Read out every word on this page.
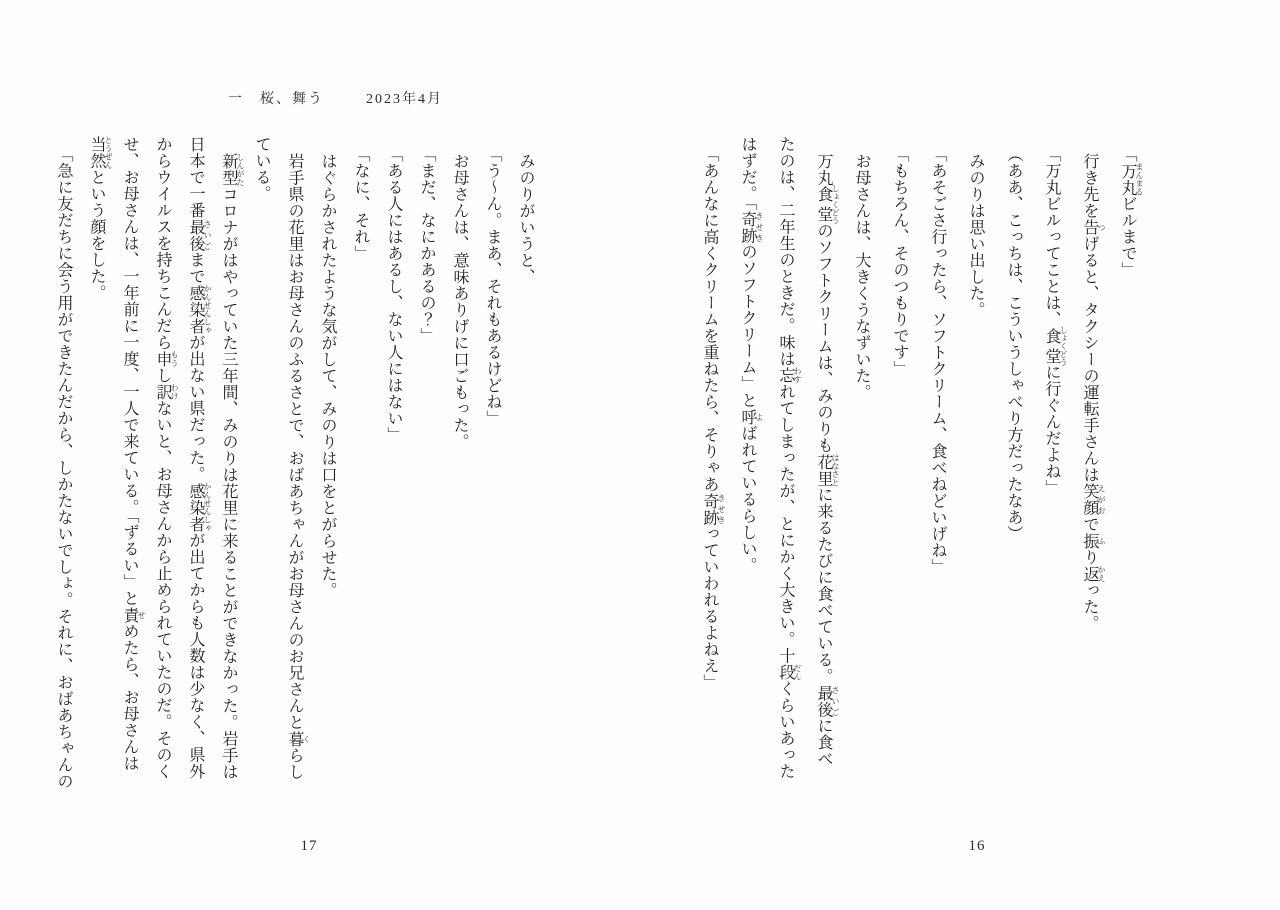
一 桜、舞う	2023年4月

「万丸 まんまるビルまで」

行き先を告 つげると、タクシーの運転手さんは笑顔 えがおで振 ふり返 かえった。

「万丸ビルってことは、食堂 しょくどうに行ぐんだよね」

（ああ、こっちは、こういうしゃべり方だったなあ）

みのりは思い出した。

「あそごさ行ったら、ソフトクリーム、食べねどいげね」

「もちろん、そのつもりです」

お母さんは、大きくうなずいた。

万丸食堂 しょくどうのソフトクリームは、みのりも花里 はなさとに来るたびに食べている。最後 さいごに食べ

たのは、二年生のときだ。味は忘 わすれてしまったが、とにかく大きい。十段 だんくらいあった

はずだ。「奇跡 きせきのソフトクリーム」と呼 よばれているらしい。

「あんなに高くクリームを重ねたら、そりゃあ奇跡 きせきっていわれるよねえ」

みのりがいうと、

「う〜ん。まあ、それもあるけどね」

お母さんは、意味ありげに口ごもった。

「まだ、なにかあるの？」

「ある人にはあるし、ない人にはない」

「なに、それ」

はぐらかされたような気がして、みのりは口をとがらせた。

岩手県の花里はお母さんのふるさとで、おばあちゃんがお母さんのお兄さんと暮 くらし

ている。

新型 しんがたコロナがはやっていた三年間、みのりは花里に来ることができなかった。岩手は

日本で一番最後 さいごまで感染者 かんせんしゃが出ない県だった。感染者 かんせんしゃが出てからも人数は少なく、県外

からウイルスを持ちこんだら申 もうし訳 わけないと、お母さんから止められていたのだ。そのく

せ、お母さんは、一年前に一度、一人で来ている。「ずるい」と責 せめたら、お母さんは

当然 とうぜんという顔をした。

「急に友だちに会う用ができたんだから、しかたないでしょ。それに、おばあちゃんの

17	16
